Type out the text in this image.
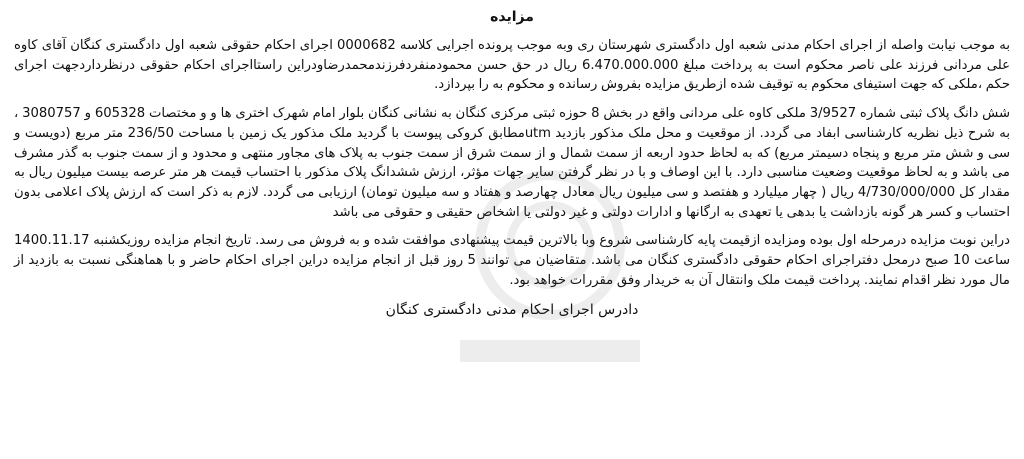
مزایده

به موجب نیابت واصله از اجرای احکام مدنی شعبه اول دادگستری شهرستان ری وبه موجب پرونده اجرایی کلاسه 0000682 اجرای احکام حقوقی شعبه اول دادگستری کنگان آقای کاوه علی مردانی فرزند علی ناصر محکوم است به پرداخت مبلغ 6.470.000.000 ریال در حق حسن محمودمنفردفرزندمحمدرضاودراین راستااجرای احکام حقوقی درنظرداردجهت اجرای حکم ،ملکی که جهت استیفای محکوم به توقیف شده ازطریق مزایده بفروش رسانده و محکوم به را بپردازد.

شش دانگ پلاک ثبتی شماره 3/9527 ملکی کاوه علی مردانی واقع در بخش 8 حوزه ثبتی مرکزی کنگان به نشانی کنگان بلوار امام شهرک اختری ها و و مختصات 605328 و 3080757 ، به شرح ذیل نظریه کارشناسی ابفاد می گردد. از موقعیت و محل ملک مذکور بازدید utmمطابق کروکی پیوست با گردید ملک مذکور یک زمین با مساحت 236/50 متر مربع (دویست و سی و شش متر مربع و پنجاه دسیمتر مربع) که به لحاظ حدود اربعه از سمت شمال و از سمت شرق از سمت جنوب به پلاک های مجاور منتهی و محدود و از سمت جنوب به گذر مشرف می باشد و به لحاظ موقعیت وضعیت مناسبی دارد. با این اوصاف و با در نظر گرفتن سایر جهات مؤثر، ارزش ششدانگ پلاک مذکور با احتساب قیمت هر متر عرصه بیست میلیون ریال به مقدار کل 4/730/000/000 ریال ( چهار میلیارد و هفتصد و سی میلیون ریال معادل چهارصد و هفتاد و سه میلیون تومان) ارزیابی می گردد. لازم به ذکر است که ارزش پلاک اعلامی بدون احتساب و کسر هر گونه بازداشت یا بدهی یا تعهدی به ارگانها و ادارات دولتی و غیر دولتی یا اشخاص حقیقی و حقوقی می باشد

دراین نوبت مزایده درمرحله اول بوده ومزایده ازقیمت پایه کارشناسی شروع وبا بالاترین قیمت پیشنهادی موافقت شده و به فروش می رسد. تاریخ انجام مزایده روزیکشنبه 1400.11.17 ساعت 10 صبح درمحل دفتراجرای احکام حقوقی دادگستری کنگان می باشد. متقاضیان می توانند 5 روز قبل از انجام مزایده دراین اجرای احکام حاضر و با هماهنگی نسبت به بازدید از مال مورد نظر اقدام نمایند. پرداخت قیمت ملک وانتقال آن به خریدار وفق مقررات خواهد بود.

دادرس اجرای احکام مدنی دادگستری کنگان
